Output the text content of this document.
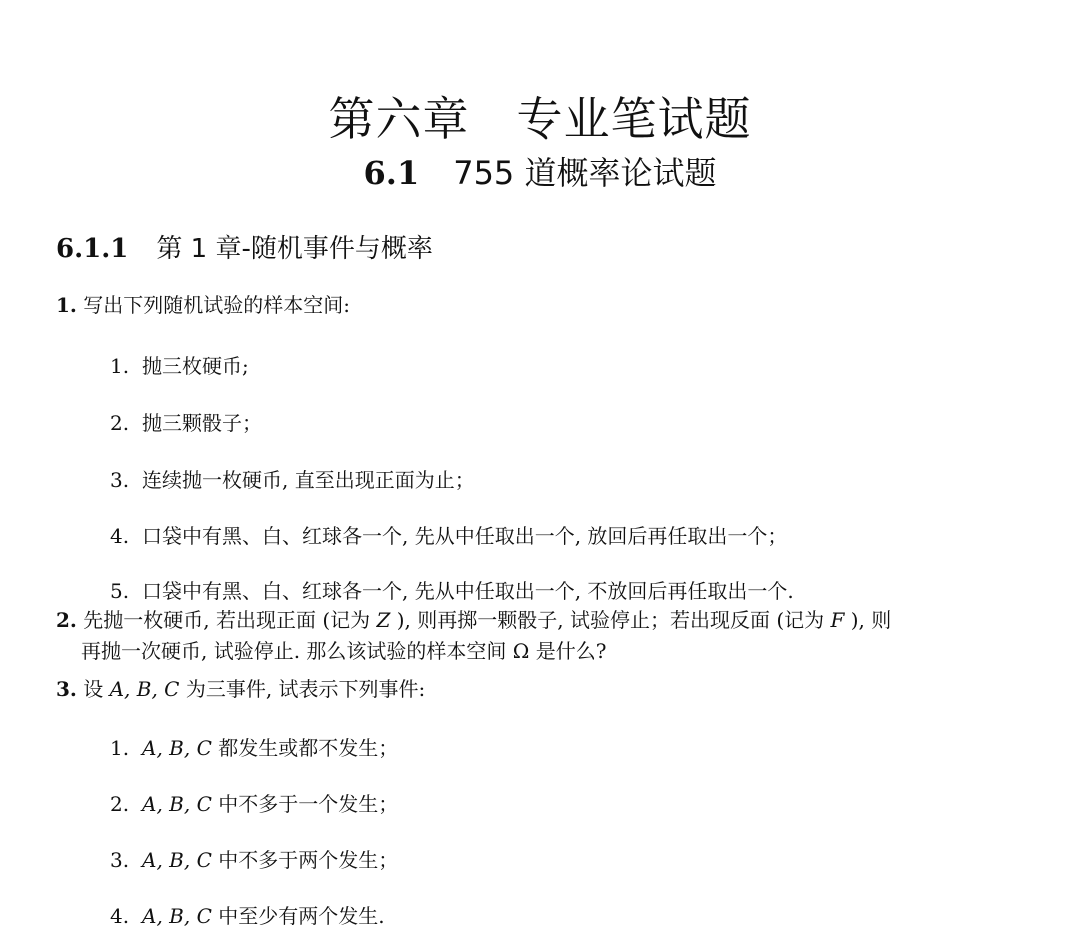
第六章　专业笔试题
6.1 755 道概率论试题
6.1.1 第 1 章-随机事件与概率
1. 写出下列随机试验的样本空间:
1. 抛三枚硬币;
2. 抛三颗骰子；
3. 连续抛一枚硬币, 直至出现正面为止；
4. 口袋中有黑、白、红球各一个, 先从中任取出一个, 放回后再任取出一个；
5. 口袋中有黑、白、红球各一个, 先从中任取出一个, 不放回后再任取出一个.
2. 先抛一枚硬币, 若出现正面 (记为 Z ), 则再掷一颗骰子, 试验停止；若出现反面 (记为 F ), 则
再抛一次硬币, 试验停止. 那么该试验的样本空间 Ω 是什么?
3. 设 A, B, C 为三事件, 试表示下列事件:
1. A, B, C 都发生或都不发生；
2. A, B, C 中不多于一个发生；
3. A, B, C 中不多于两个发生；
4. A, B, C 中至少有两个发生.
